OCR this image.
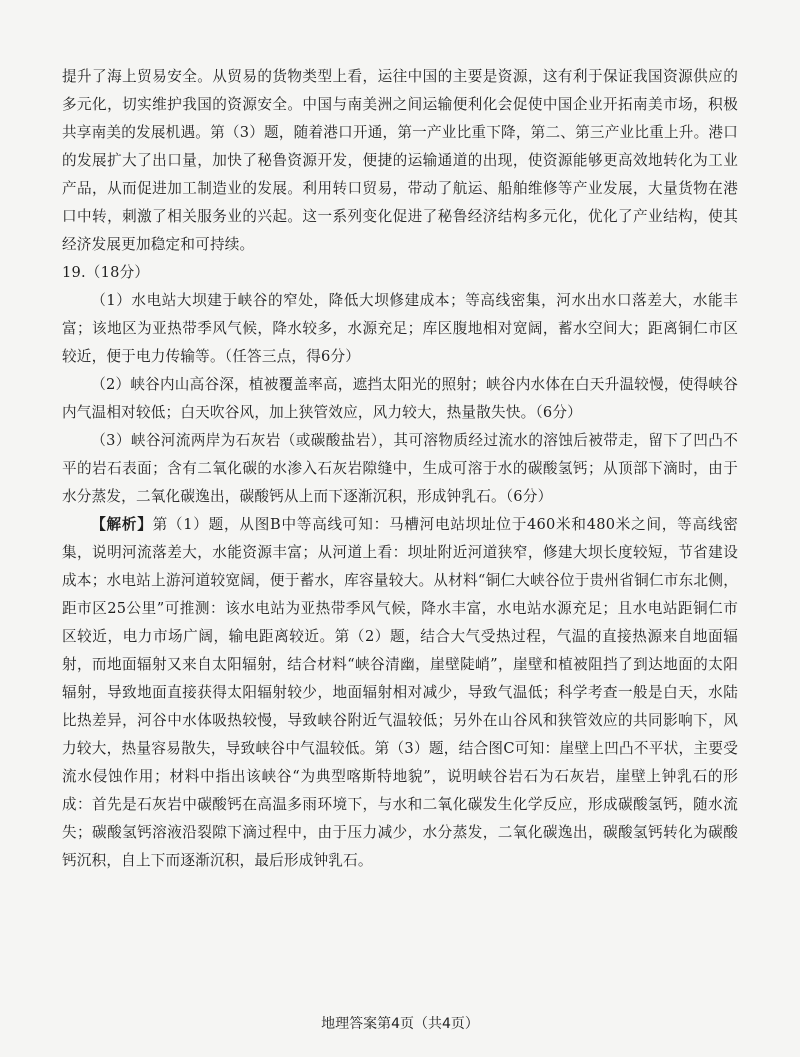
提升了海上贸易安全。从贸易的货物类型上看，运往中国的主要是资源，这有利于保证我国资源供应的多元化，切实维护我国的资源安全。中国与南美洲之间运输便利化会促使中国企业开拓南美市场，积极共享南美的发展机遇。第（3）题，随着港口开通，第一产业比重下降，第二、第三产业比重上升。港口的发展扩大了出口量，加快了秘鲁资源开发，便捷的运输通道的出现，使资源能够更高效地转化为工业产品，从而促进加工制造业的发展。利用转口贸易，带动了航运、船舶维修等产业发展，大量货物在港口中转，刺激了相关服务业的兴起。这一系列变化促进了秘鲁经济结构多元化，优化了产业结构，使其经济发展更加稳定和可持续。

19.（18分）

（1）水电站大坝建于峡谷的窄处，降低大坝修建成本；等高线密集，河水出水口落差大，水能丰富；该地区为亚热带季风气候，降水较多，水源充足；库区腹地相对宽阔，蓄水空间大；距离铜仁市区较近，便于电力传输等。（任答三点，得6分）

（2）峡谷内山高谷深，植被覆盖率高，遮挡太阳光的照射；峡谷内水体在白天升温较慢，使得峡谷内气温相对较低；白天吹谷风，加上狭管效应，风力较大，热量散失快。（6分）

（3）峡谷河流两岸为石灰岩（或碳酸盐岩），其可溶物质经过流水的溶蚀后被带走，留下了凹凸不平的岩石表面；含有二氧化碳的水渗入石灰岩隙缝中，生成可溶于水的碳酸氢钙；从顶部下滴时，由于水分蒸发，二氧化碳逸出，碳酸钙从上而下逐渐沉积，形成钟乳石。（6分）

【解析】第（1）题，从图B中等高线可知：马槽河电站坝址位于460米和480米之间，等高线密集，说明河流落差大，水能资源丰富；从河道上看：坝址附近河道狭窄，修建大坝长度较短，节省建设成本；水电站上游河道较宽阔，便于蓄水，库容量较大。从材料“铜仁大峡谷位于贵州省铜仁市东北侧，距市区25公里”可推测：该水电站为亚热带季风气候，降水丰富，水电站水源充足；且水电站距铜仁市区较近，电力市场广阔，输电距离较近。第（2）题，结合大气受热过程，气温的直接热源来自地面辐射，而地面辐射又来自太阳辐射，结合材料“峡谷清幽，崖壁陡峭”，崖壁和植被阻挡了到达地面的太阳辐射，导致地面直接获得太阳辐射较少，地面辐射相对减少，导致气温低；科学考查一般是白天，水陆比热差异，河谷中水体吸热较慢，导致峡谷附近气温较低；另外在山谷风和狭管效应的共同影响下，风力较大，热量容易散失，导致峡谷中气温较低。第（3）题，结合图C可知：崖壁上凹凸不平状，主要受流水侵蚀作用；材料中指出该峡谷“为典型喀斯特地貌”，说明峡谷岩石为石灰岩，崖壁上钟乳石的形成：首先是石灰岩中碳酸钙在高温多雨环境下，与水和二氧化碳发生化学反应，形成碳酸氢钙，随水流失；碳酸氢钙溶液沿裂隙下滴过程中，由于压力减少，水分蒸发，二氧化碳逸出，碳酸氢钙转化为碳酸钙沉积，自上下而逐渐沉积，最后形成钟乳石。

地理答案第4页（共4页）
